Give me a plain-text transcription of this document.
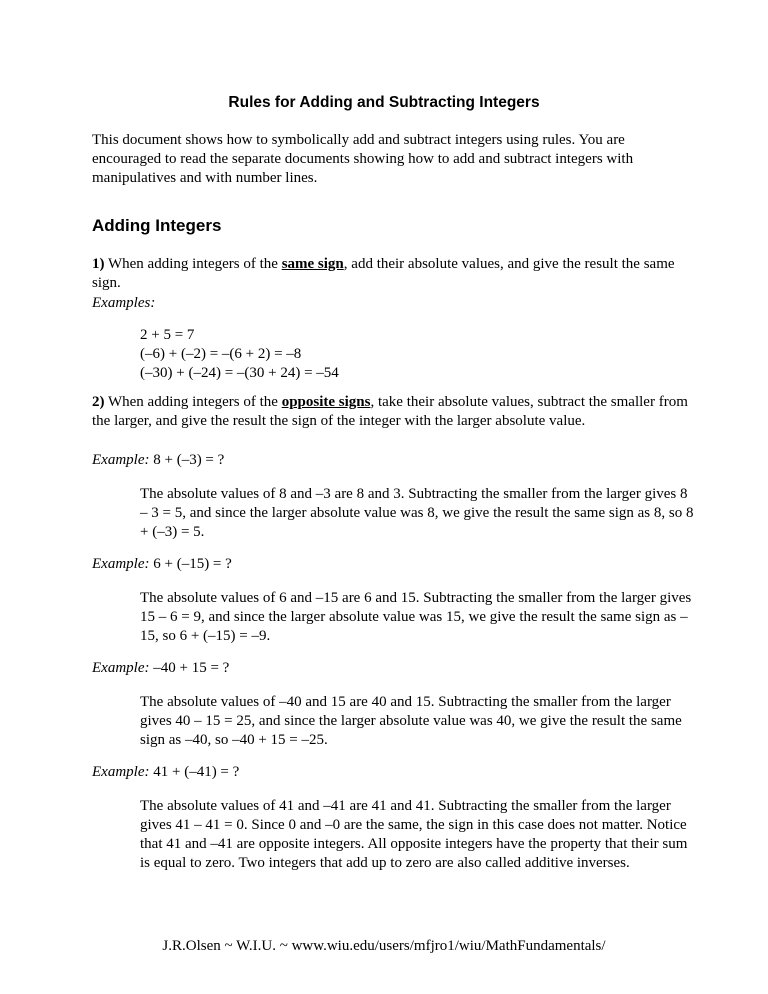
Rules for Adding and Subtracting Integers

This document shows how to symbolically add and subtract integers using rules. You are encouraged to read the separate documents showing how to add and subtract integers with manipulatives and with number lines.

Adding Integers

1) When adding integers of the same sign, add their absolute values, and give the result the same sign.

Examples:

2 + 5 = 7

(–6) + (–2) = –(6 + 2) = –8

(–30) + (–24) = –(30 + 24) = –54

2) When adding integers of the opposite signs, take their absolute values, subtract the smaller from the larger, and give the result the sign of the integer with the larger absolute value.

Example: 8 + (–3) = ?

The absolute values of 8 and –3 are 8 and 3. Subtracting the smaller from the larger gives 8 – 3 = 5, and since the larger absolute value was 8, we give the result the same sign as 8, so 8 + (–3) = 5.

Example: 6 + (–15) = ?

The absolute values of 6 and –15 are 6 and 15. Subtracting the smaller from the larger gives 15 – 6 = 9, and since the larger absolute value was 15, we give the result the same sign as –15, so 6 + (–15) = –9.

Example: –40 + 15 = ?

The absolute values of –40 and 15 are 40 and 15. Subtracting the smaller from the larger gives 40 – 15 = 25, and since the larger absolute value was 40, we give the result the same sign as –40, so –40 + 15 = –25.

Example: 41 + (–41) = ?

The absolute values of 41 and –41 are 41 and 41. Subtracting the smaller from the larger gives 41 – 41 = 0. Since 0 and –0 are the same, the sign in this case does not matter. Notice that 41 and –41 are opposite integers. All opposite integers have the property that their sum is equal to zero. Two integers that add up to zero are also called additive inverses.

J.R.Olsen ~ W.I.U. ~ www.wiu.edu/users/mfjro1/wiu/MathFundamentals/
